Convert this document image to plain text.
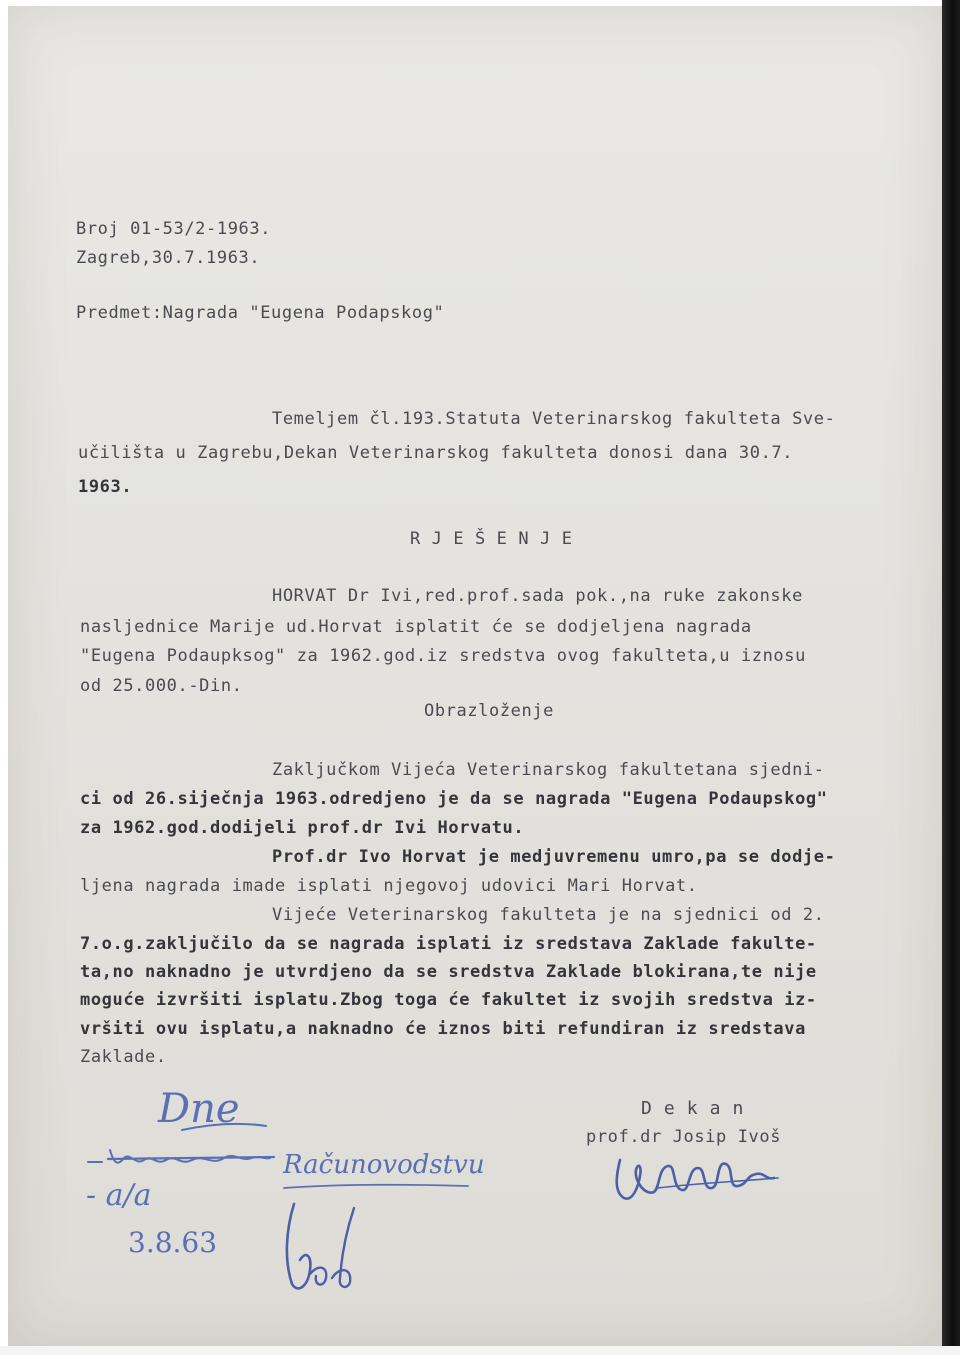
Broj 01-53/2-1963.
Zagreb,30.7.1963.
Predmet:Nagrada "Eugena Podapskog"
Temeljem čl.193.Statuta Veterinarskog fakulteta Sve-
učilišta u Zagrebu,Dekan Veterinarskog fakulteta donosi dana 30.7.
1963.
R J E Š E N J E
HORVAT Dr Ivi,red.prof.sada pok.,na ruke zakonske
nasljednice Marije ud.Horvat isplatit će se dodjeljena nagrada
"Eugena Podaupksog" za 1962.god.iz sredstva ovog fakulteta,u iznosu
od 25.000.-Din.
Obrazloženje
Zaključkom Vijeća Veterinarskog fakultetana sjedni-
ci od 26.siječnja 1963.odredjeno je da se nagrada "Eugena Podaupskog"
za 1962.god.dodijeli prof.dr Ivi Horvatu.
Prof.dr Ivo Horvat je medjuvremenu umro,pa se dodje-
ljena nagrada imade isplati njegovoj udovici Mari Horvat.
Vijeće Veterinarskog fakulteta je na sjednici od 2.
7.o.g.zaključilo da se nagrada isplati iz sredstava Zaklade fakulte-
ta,no naknadno je utvrdjeno da se sredstva Zaklade blokirana,te nije
moguće izvršiti isplatu.Zbog toga će fakultet iz svojih sredstva iz-
vršiti ovu isplatu,a naknadno će iznos biti refundiran iz sredstava
Zaklade.
D e k a n
prof.dr Josip Ivoš
Dne
Računovodstvu
- a/a
3.8.63
